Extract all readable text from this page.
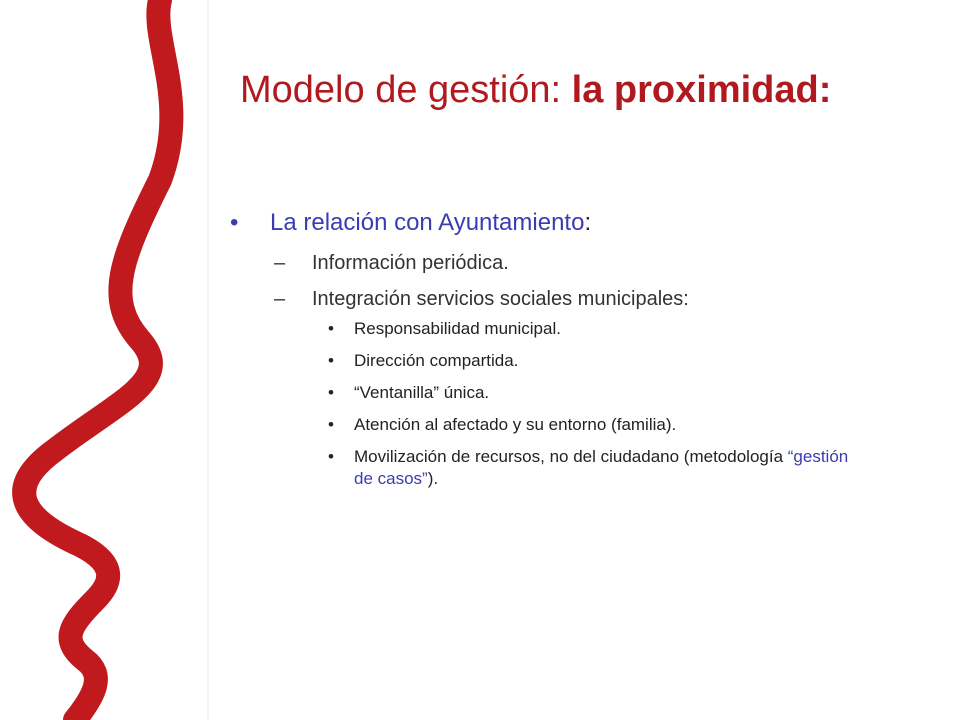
Modelo de gestión: la proximidad:
• La relación con Ayuntamiento:
– Información periódica.
– Integración servicios sociales municipales:
• Responsabilidad municipal.
• Dirección compartida.
• “Ventanilla” única.
• Atención al afectado y su entorno (familia).
• Movilización de recursos, no del ciudadano (metodología “gestión de casos”).
